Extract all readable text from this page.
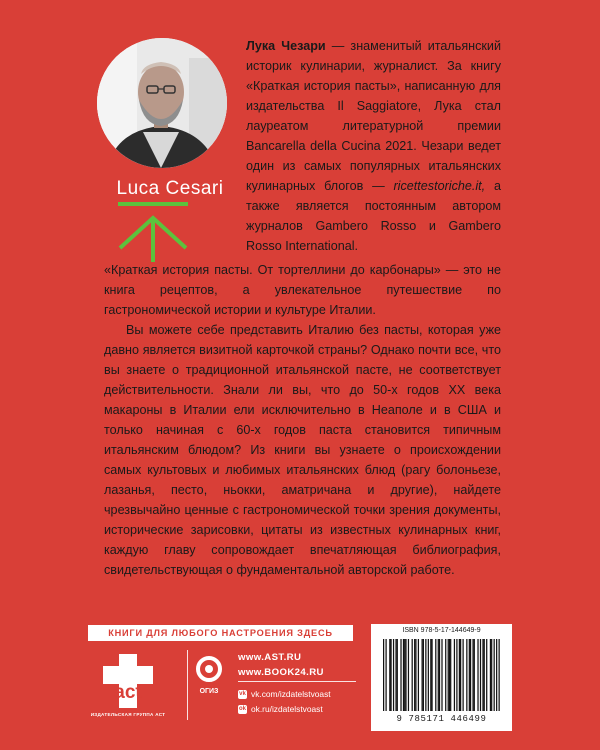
Luca Cesari
Лука Чезари — знаменитый итальянский историк кулинарии, журналист. За книгу «Краткая история пасты», написанную для издательства Il Saggiatore, Лука стал лауреатом литературной премии Bancarella della Cucina 2021. Чезари ведет один из самых популярных итальянских кулинарных блогов — ricettestoriche.it, а также является постоянным автором журналов Gambero Rosso и Gambero Rosso International.

«Краткая история пасты. От тортеллини до карбонары» — это не книга рецептов, а увлекательное путешествие по гастрономической истории и культуре Италии.

Вы можете себе представить Италию без пасты, которая уже давно является визитной карточкой страны? Однако почти все, что вы знаете о традиционной итальянской пасте, не соответствует действительности. Знали ли вы, что до 50-х годов XX века макароны в Италии ели исключительно в Неаполе и в США и только начиная с 60-х годов паста становится типичным итальянским блюдом? Из книги вы узнаете о происхождении самых культовых и любимых итальянских блюд (рагу болоньезе, лазанья, песто, ньокки, аматричана и другие), найдете чрезвычайно ценные с гастрономической точки зрения документы, исторические зарисовки, цитаты из известных кулинарных книг, каждую главу сопровождает впечатляющая библиография, свидетельствующая о фундаментальной авторской работе.

КНИГИ ДЛЯ ЛЮБОГО НАСТРОЕНИЯ ЗДЕСЬ
act
ИЗДАТЕЛЬСКАЯ ГРУППА АСТ
ОГИЗ
www.AST.RU
www.BOOK24.RU
vk vk.com/izdatelstvoast
ok ok.ru/izdatelstvoast
ISBN 978-5-17-144649-9
9 785171 446499
